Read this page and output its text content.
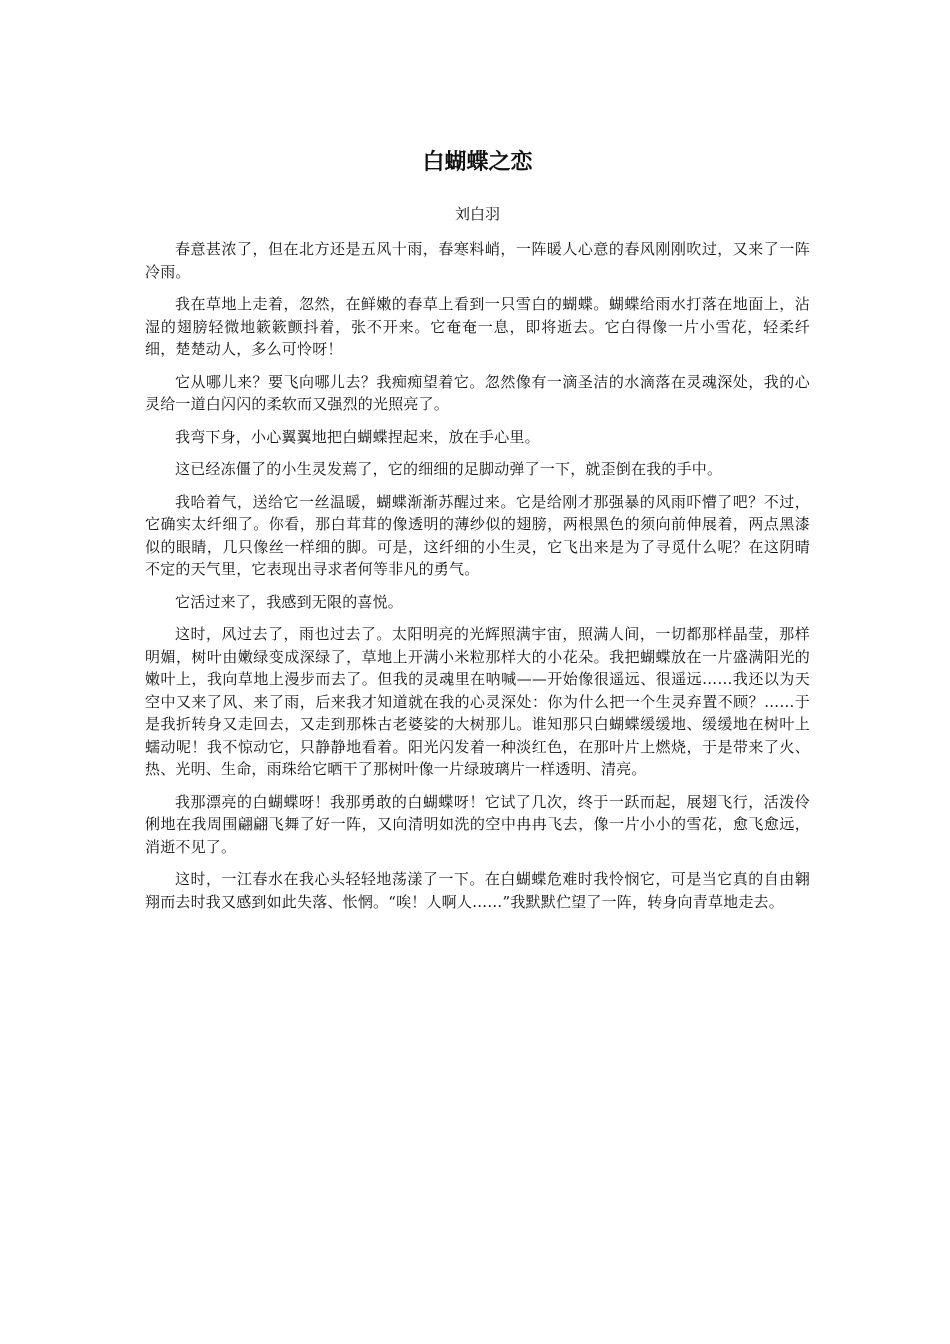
白蝴蝶之恋

刘白羽

春意甚浓了，但在北方还是五风十雨，春寒料峭，一阵暖人心意的春风刚刚吹过，又来了一阵冷雨。

我在草地上走着，忽然，在鲜嫩的春草上看到一只雪白的蝴蝶。蝴蝶给雨水打落在地面上，沾湿的翅膀轻微地簌簌颤抖着，张不开来。它奄奄一息，即将逝去。它白得像一片小雪花，轻柔纤细，楚楚动人，多么可怜呀！

它从哪儿来？要飞向哪儿去？我痴痴望着它。忽然像有一滴圣洁的水滴落在灵魂深处，我的心灵给一道白闪闪的柔软而又强烈的光照亮了。

我弯下身，小心翼翼地把白蝴蝶捏起来，放在手心里。

这已经冻僵了的小生灵发蔫了，它的细细的足脚动弹了一下，就歪倒在我的手中。

我哈着气，送给它一丝温暖，蝴蝶渐渐苏醒过来。它是给刚才那强暴的风雨吓懵了吧？不过，它确实太纤细了。你看，那白茸茸的像透明的薄纱似的翅膀，两根黑色的须向前伸展着，两点黑漆似的眼睛，几只像丝一样细的脚。可是，这纤细的小生灵，它飞出来是为了寻觅什么呢？在这阴晴不定的天气里，它表现出寻求者何等非凡的勇气。

它活过来了，我感到无限的喜悦。

这时，风过去了，雨也过去了。太阳明亮的光辉照满宇宙，照满人间，一切都那样晶莹，那样明媚，树叶由嫩绿变成深绿了，草地上开满小米粒那样大的小花朵。我把蝴蝶放在一片盛满阳光的嫩叶上，我向草地上漫步而去了。但我的灵魂里在呐喊——开始像很遥远、很遥远……我还以为天空中又来了风、来了雨，后来我才知道就在我的心灵深处：你为什么把一个生灵弃置不顾？……于是我折转身又走回去，又走到那株古老婆娑的大树那儿。谁知那只白蝴蝶缓缓地、缓缓地在树叶上蠕动呢！我不惊动它，只静静地看着。阳光闪发着一种淡红色，在那叶片上燃烧，于是带来了火、热、光明、生命，雨珠给它晒干了那树叶像一片绿玻璃片一样透明、清亮。

我那漂亮的白蝴蝶呀！我那勇敢的白蝴蝶呀！它试了几次，终于一跃而起，展翅飞行，活泼伶俐地在我周围翩翩飞舞了好一阵，又向清明如洗的空中冉冉飞去，像一片小小的雪花，愈飞愈远，消逝不见了。

这时，一江春水在我心头轻轻地荡漾了一下。在白蝴蝶危难时我怜悯它，可是当它真的自由翱翔而去时我又感到如此失落、怅惘。“唉！人啊人……”我默默伫望了一阵，转身向青草地走去。
